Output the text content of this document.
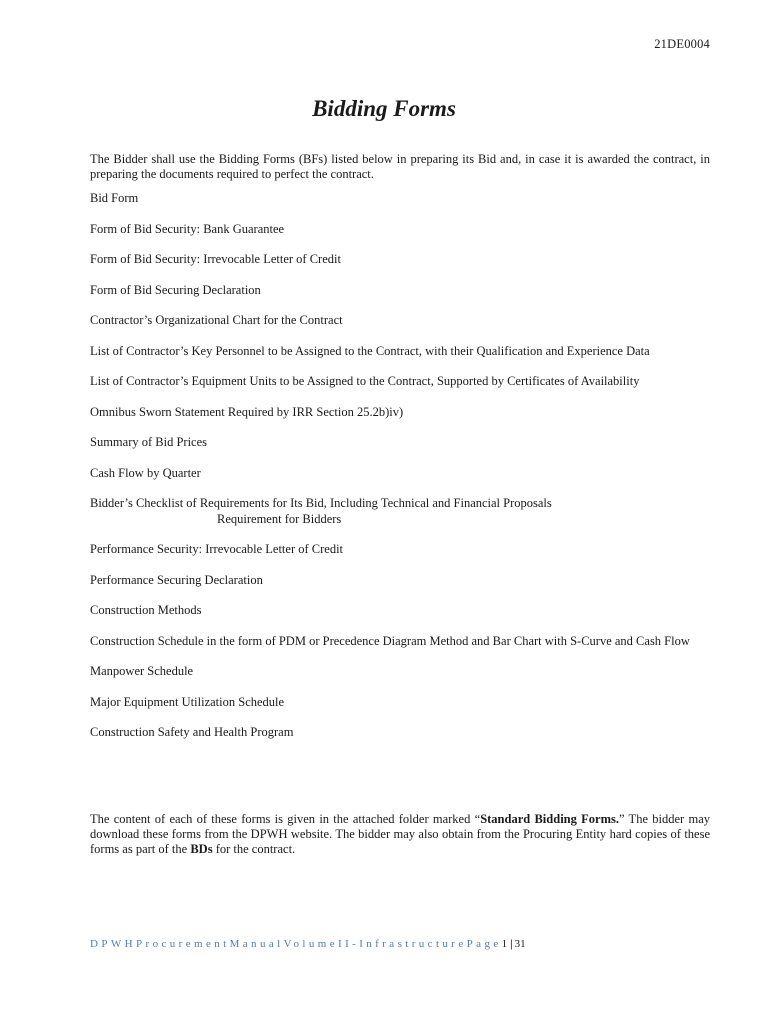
21DE0004
Bidding Forms

The Bidder shall use the Bidding Forms (BFs) listed below in preparing its Bid and, in case it is awarded the contract, in preparing the documents required to perfect the contract.

Bid Form
Form of Bid Security: Bank Guarantee
Form of Bid Security: Irrevocable Letter of Credit
Form of Bid Securing Declaration
Contractor’s Organizational Chart for the Contract
List of Contractor’s Key Personnel to be Assigned to the Contract, with their Qualification and Experience Data
List of Contractor’s Equipment Units to be Assigned to the Contract, Supported by Certificates of Availability
Omnibus Sworn Statement Required by IRR Section 25.2b)iv)
Summary of Bid Prices
Cash Flow by Quarter
Bidder’s Checklist of Requirements for Its Bid, Including Technical and Financial Proposals
Requirement for Bidders
Performance Security: Irrevocable Letter of Credit
Performance Securing Declaration
Construction Methods
Construction Schedule in the form of PDM or Precedence Diagram Method and Bar Chart with S-Curve and Cash Flow
Manpower Schedule
Major Equipment Utilization Schedule
Construction Safety and Health Program

The content of each of these forms is given in the attached folder marked “Standard Bidding Forms.” The bidder may download these forms from the DPWH website. The bidder may also obtain from the Procuring Entity hard copies of these forms as part of the BDs for the contract.

DPWHProcurementManualVolumeII-InfrastructurePage1 | 31
